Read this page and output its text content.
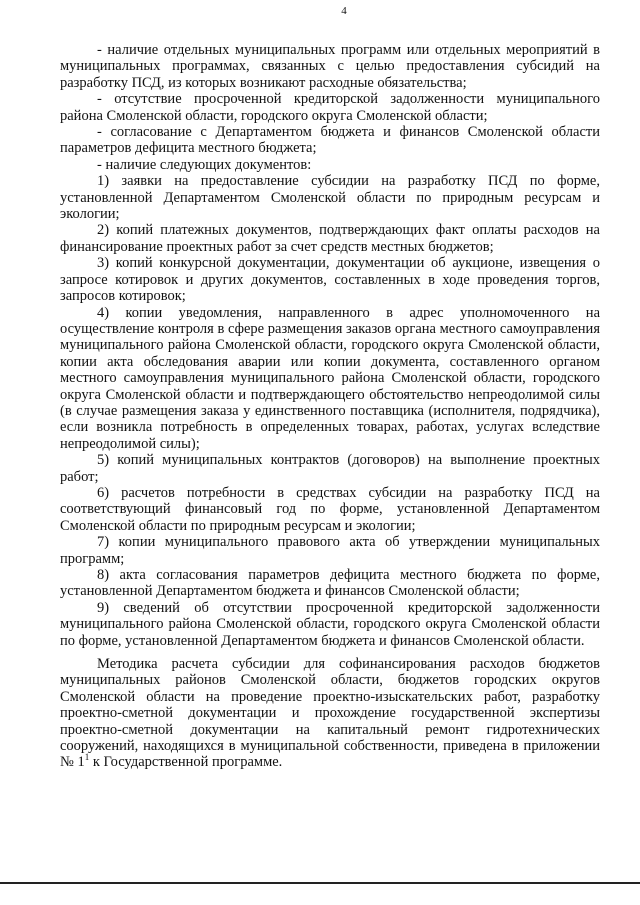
4

- наличие отдельных муниципальных программ или отдельных мероприятий в муниципальных программах, связанных с целью предоставления субсидий на разработку ПСД, из которых возникают расходные обязательства;

- отсутствие просроченной кредиторской задолженности муниципального района Смоленской области, городского округа Смоленской области;

- согласование с Департаментом бюджета и финансов Смоленской области параметров дефицита местного бюджета;

- наличие следующих документов:

1) заявки на предоставление субсидии на разработку ПСД по форме, установленной Департаментом Смоленской области по природным ресурсам и экологии;

2) копий платежных документов, подтверждающих факт оплаты расходов на финансирование проектных работ за счет средств местных бюджетов;

3) копий конкурсной документации, документации об аукционе, извещения о запросе котировок и других документов, составленных в ходе проведения торгов, запросов котировок;

4) копии уведомления, направленного в адрес уполномоченного на осуществление контроля в сфере размещения заказов органа местного самоуправления муниципального района Смоленской области, городского округа Смоленской области, копии акта обследования аварии или копии документа, составленного органом местного самоуправления муниципального района Смоленской области, городского округа Смоленской области и подтверждающего обстоятельство непреодолимой силы (в случае размещения заказа у единственного поставщика (исполнителя, подрядчика), если возникла потребность в определенных товарах, работах, услугах вследствие непреодолимой силы);

5) копий муниципальных контрактов (договоров) на выполнение проектных работ;

6) расчетов потребности в средствах субсидии на разработку ПСД на соответствующий финансовый год по форме, установленной Департаментом Смоленской области по природным ресурсам и экологии;

7) копии муниципального правового акта об утверждении муниципальных программ;

8) акта согласования параметров дефицита местного бюджета по форме, установленной Департаментом бюджета и финансов Смоленской области;

9) сведений об отсутствии просроченной кредиторской задолженности муниципального района Смоленской области, городского округа Смоленской области по форме, установленной Департаментом бюджета и финансов Смоленской области.

Методика расчета субсидии для софинансирования расходов бюджетов муниципальных районов Смоленской области, бюджетов городских округов Смоленской области на проведение проектно-изыскательских работ, разработку проектно-сметной документации и прохождение государственной экспертизы проектно-сметной документации на капитальный ремонт гидротехнических сооружений, находящихся в муниципальной собственности, приведена в приложении № $1^1$ к Государственной программе.
